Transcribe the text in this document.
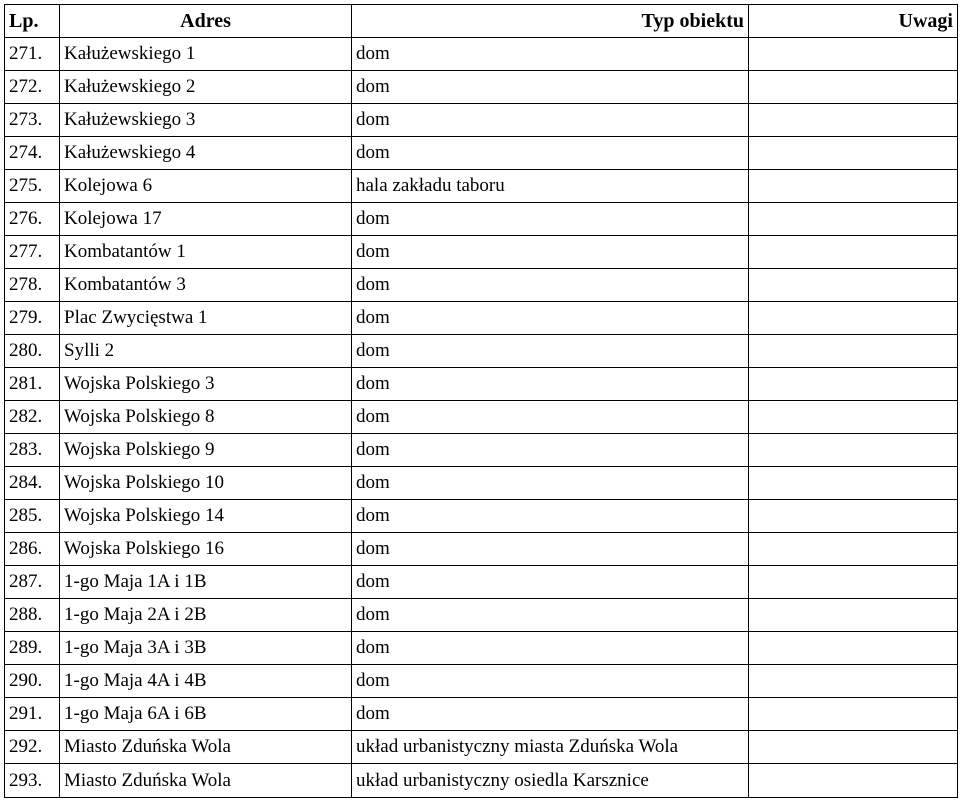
Lp.	Adres	Typ obiektu	Uwagi
271.	Kałużewskiego 1	dom	
272.	Kałużewskiego 2	dom	
273.	Kałużewskiego 3	dom	
274.	Kałużewskiego 4	dom	
275.	Kolejowa 6	hala zakładu taboru	
276.	Kolejowa 17	dom	
277.	Kombatantów 1	dom	
278.	Kombatantów 3	dom	
279.	Plac Zwycięstwa 1	dom	
280.	Sylli 2	dom	
281.	Wojska Polskiego 3	dom	
282.	Wojska Polskiego 8	dom	
283.	Wojska Polskiego 9	dom	
284.	Wojska Polskiego 10	dom	
285.	Wojska Polskiego 14	dom	
286.	Wojska Polskiego 16	dom	
287.	1-go Maja 1A i 1B	dom	
288.	1-go Maja 2A i 2B	dom	
289.	1-go Maja 3A i 3B	dom	
290.	1-go Maja 4A i 4B	dom	
291.	1-go Maja 6A i 6B	dom	
292.	Miasto Zduńska Wola	układ urbanistyczny miasta Zduńska Wola	
293.	Miasto Zduńska Wola	układ urbanistyczny osiedla Karsznice	
